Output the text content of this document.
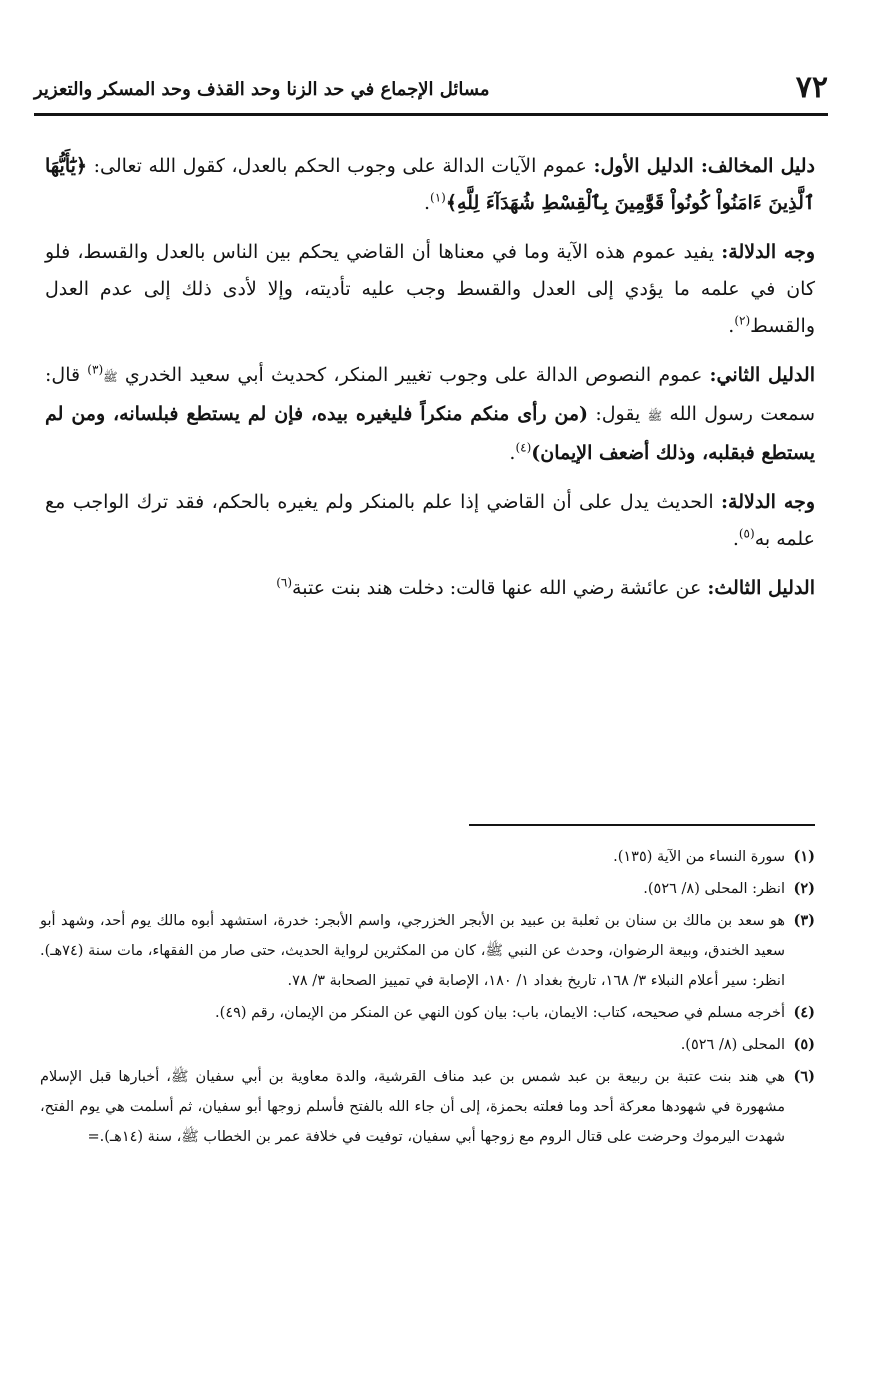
٧٢
مسائل الإجماع في حد الزنا وحد القذف وحد المسكر والتعزير

دليل المخالف: الدليل الأول: عموم الآيات الدالة على وجوب الحكم بالعدل، كقول الله تعالى: ﴿يَٰٓأَيُّهَا ٱلَّذِينَ ءَامَنُواْ كُونُواْ قَوَّٰمِينَ بِٱلْقِسْطِ شُهَدَآءَ لِلَّهِ﴾$^{(١)}$.

وجه الدلالة: يفيد عموم هذه الآية وما في معناها أن القاضي يحكم بين الناس بالعدل والقسط، فلو كان في علمه ما يؤدي إلى العدل والقسط وجب عليه تأديته، وإلا لأدى ذلك إلى عدم العدل والقسط$^{(٢)}$.

الدليل الثاني: عموم النصوص الدالة على وجوب تغيير المنكر، كحديث أبي سعيد الخدري ﷺ$^{(٣)}$ قال: سمعت رسول الله ﷺ يقول: (من رأى منكم منكراً فليغيره بيده، فإن لم يستطع فبلسانه، ومن لم يستطع فبقلبه، وذلك أضعف الإيمان)$^{(٤)}$.

وجه الدلالة: الحديث يدل على أن القاضي إذا علم بالمنكر ولم يغيره بالحكم، فقد ترك الواجب مع علمه به$^{(٥)}$.

الدليل الثالث: عن عائشة رضي الله عنها قالت: دخلت هند بنت عتبة$^{(٦)}$

(١)
سورة النساء من الآية (١٣٥).

(٢)
انظر: المحلى (٨/ ٥٢٦).

(٣)
هو سعد بن مالك بن سنان بن ثعلبة بن عبيد بن الأبجر الخزرجي، واسم الأبجر: خدرة، استشهد أبوه مالك يوم أحد، وشهد أبو سعيد الخندق، وبيعة الرضوان، وحدث عن النبي ﷺ، كان من المكثرين لرواية الحديث، حتى صار من الفقهاء، مات سنة (٧٤هـ). انظر: سير أعلام النبلاء ٣/ ١٦٨، تاريخ بغداد ١/ ١٨٠، الإصابة في تمييز الصحابة ٣/ ٧٨.

(٤)
أخرجه مسلم في صحيحه، كتاب: الايمان، باب: بيان كون النهي عن المنكر من الإيمان، رقم (٤٩).

(٥)
المحلى (٨/ ٥٢٦).

(٦)
هي هند بنت عتبة بن ربيعة بن عبد شمس بن عبد مناف القرشية، والدة معاوية بن أبي سفيان ﷺ، أخبارها قبل الإسلام مشهورة في شهودها معركة أحد وما فعلته بحمزة، إلى أن جاء الله بالفتح فأسلم زوجها أبو سفيان، ثم أسلمت هي يوم الفتح، شهدت اليرموك وحرضت على قتال الروم مع زوجها أبي سفيان، توفيت في خلافة عمر بن الخطاب ﷺ، سنة (١٤هـ).=
